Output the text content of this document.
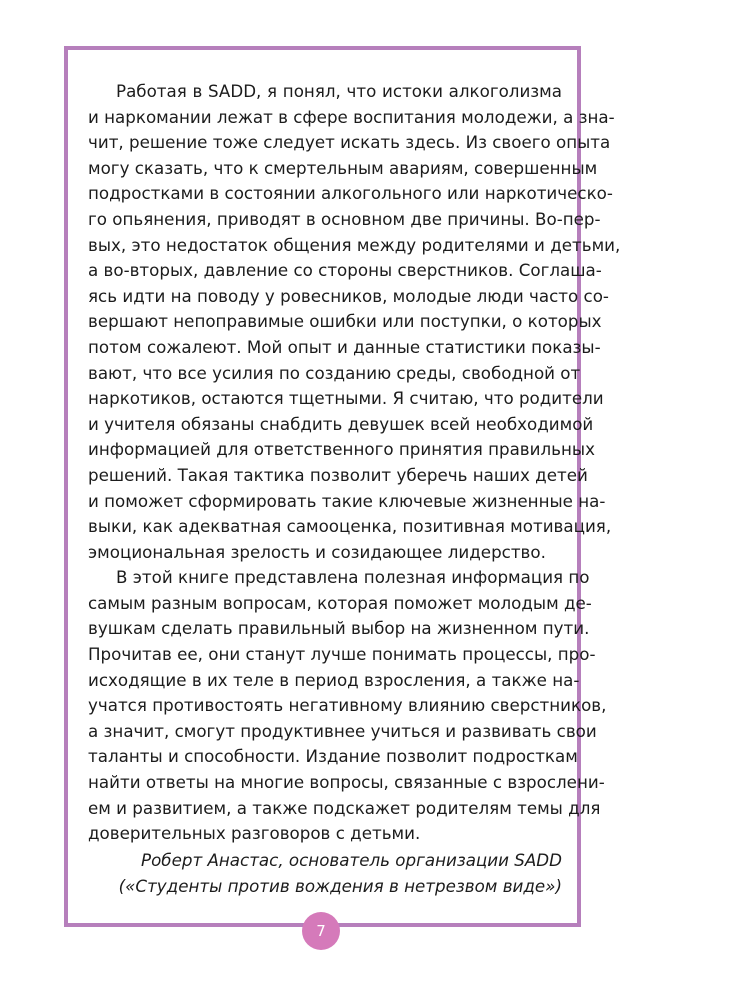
Работая в SADD, я понял, что истоки алкоголизма
и наркомании лежат в сфере воспитания молодежи, а зна-
чит, решение тоже следует искать здесь. Из своего опыта
могу сказать, что к смертельным авариям, совершенным
подростками в состоянии алкогольного или наркотическо-
го опьянения, приводят в основном две причины. Во-пер-
вых, это недостаток общения между родителями и детьми,
а во-вторых, давление со стороны сверстников. Соглаша-
ясь идти на поводу у ровесников, молодые люди часто со-
вершают непоправимые ошибки или поступки, о которых
потом сожалеют. Мой опыт и данные статистики показы-
вают, что все усилия по созданию среды, свободной от
наркотиков, остаются тщетными. Я считаю, что родители
и учителя обязаны снабдить девушек всей необходимой
информацией для ответственного принятия правильных
решений. Такая тактика позволит уберечь наших детей
и поможет сформировать такие ключевые жизненные на-
выки, как адекватная самооценка, позитивная мотивация,
эмоциональная зрелость и созидающее лидерство.

В этой книге представлена полезная информация по
самым разным вопросам, которая поможет молодым де-
вушкам сделать правильный выбор на жизненном пути.
Прочитав ее, они станут лучше понимать процессы, про-
исходящие в их теле в период взросления, а также на-
учатся противостоять негативному влиянию сверстников,
а значит, смогут продуктивнее учиться и развивать свои
таланты и способности. Издание позволит подросткам
найти ответы на многие вопросы, связанные с взрослени-
ем и развитием, а также подскажет родителям темы для
доверительных разговоров с детьми.

Роберт Анастас, основатель организации SADD
(«Студенты против вождения в нетрезвом виде»)

7
